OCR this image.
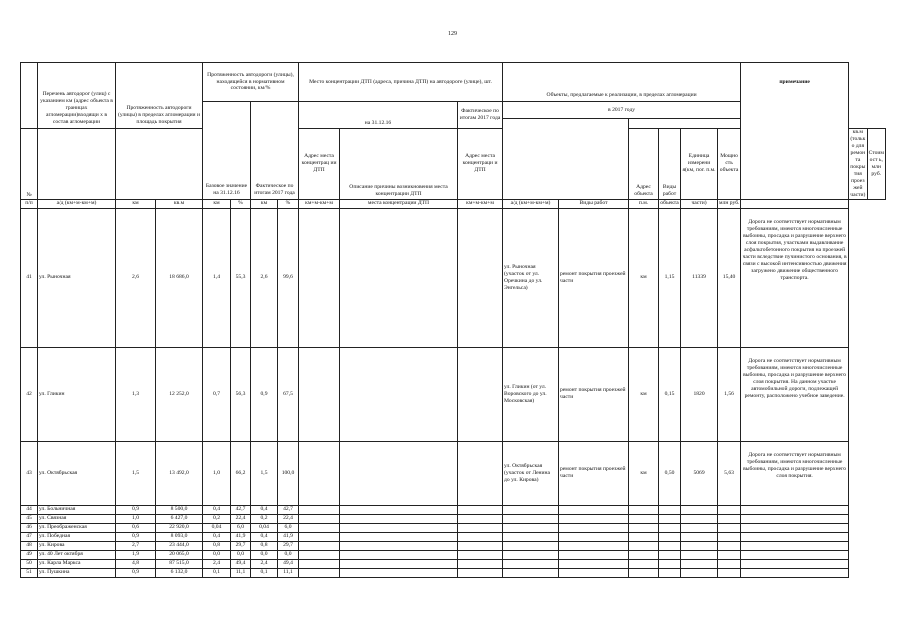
129
	Перечень автодорог (улиц) с указанием км (адрес объекта в границах агломерации)входящи х в состав агломерации	Протяженность автодороги (улицы) в пределах агломерации и площадь покрытия		Протяженность автодороги (улицы), находящейся в нормативном состоянии, км/%				Место концентрации ДТП (адреса, причина ДТП) на автодороге (улице), шт.			Объекты, предлагаемые к реализации, в пределах агломерации						примечание		
				Базовое значение на 31.12.16		Фактическое по итогам 2017 года		на 31.12.16		Фактическое по итогам 2017 года	в 2017 году								

№								Адрес места концентрац ии ДТП	Описание причины возникновения места концентрации ДТП	Адрес места концентраци и ДТП			Адрес объекта	Виды работ	Единица измерени я(км, пог. п.м.	Мощно сть объекта		кв.м (только для ремонта покрытия проезжей части)	Стоимост ь, млн руб.
п/п	а/д (км+м-км+м)	км	кв.м	км	%	км	%	км+м-км+м	места концентрации ДТП	км+м-км+м	а/д (км+м-км+м)	Виды работ	п.м.	объекта	части)	млн руб.			
41	ул. Рыночная	2,6	18 686,0	1,4	55,3	2,6	99,6				ул. Рыночная (участок от ул. Оречкина до ул. Энгельса)	ремонт покрытия проезжей части	км	1,15	11339	15,40	Дорога не соответствует нормативным требованиям, имеются многочисленные выбоины, просадка и разрушение верхнего слоя покрытия, участками выдавливание асфальтобетонного покрытия на проезжей части вследствие пучинистого основания, в связи с высокой интенсивностью движения загружено движение общественного транспорта.		
42	ул. Гликин	1,3	12 252,0	0,7	56,3	0,9	67,5				ул. Гликин (от ул. Воровского до ул. Московская)	ремонт покрытия проезжей части	км	0,15	1820	1,56	Дорога не соответствует нормативным требованиям, имеются многочисленные выбоины, просадка и разрушение верхнего слоя покрытия. На данном участке автомобильной дороги, подлежащей ремонту, расположено учебное заведение.		
43	ул. Октябрьская	1,5	13 492,0	1,0	66,2	1,5	100,0				ул. Октябрьская (участок от Ленина до ул. Кирова)	ремонт покрытия проезжей части	км	0,50	5069	5,63	Дорога не соответствует нормативным требованиям, имеются многочисленные выбоины, просадка и разрушение верхнего слоя покрытия.		
44	ул. Больничная	0,9	8 500,0	0,4	42,7	0,4	42,7												
45	ул. Связная	1,0	6 427,0	0,2	22,4	0,2	22,4												
46	ул. Преображенская	0,6	22 920,0	0,04	6,0	0,04	6,0												
47	ул. Победная	0,9	8 093,0	0,4	41,9	0,4	41,9												
48	ул. Кирова	2,7	23 444,0	0,8	29,7	0,8	29,7												
49	ул. 40 Лет октября	1,9	20 065,0	0,0	0,0	0,0	0,0												
50	ул. Карла Маркса	4,8	87 515,0	2,4	49,4	2,4	49,4												
51	ул. Пушкина	0,9	6 132,0	0,1	11,1	0,1	11,1												
